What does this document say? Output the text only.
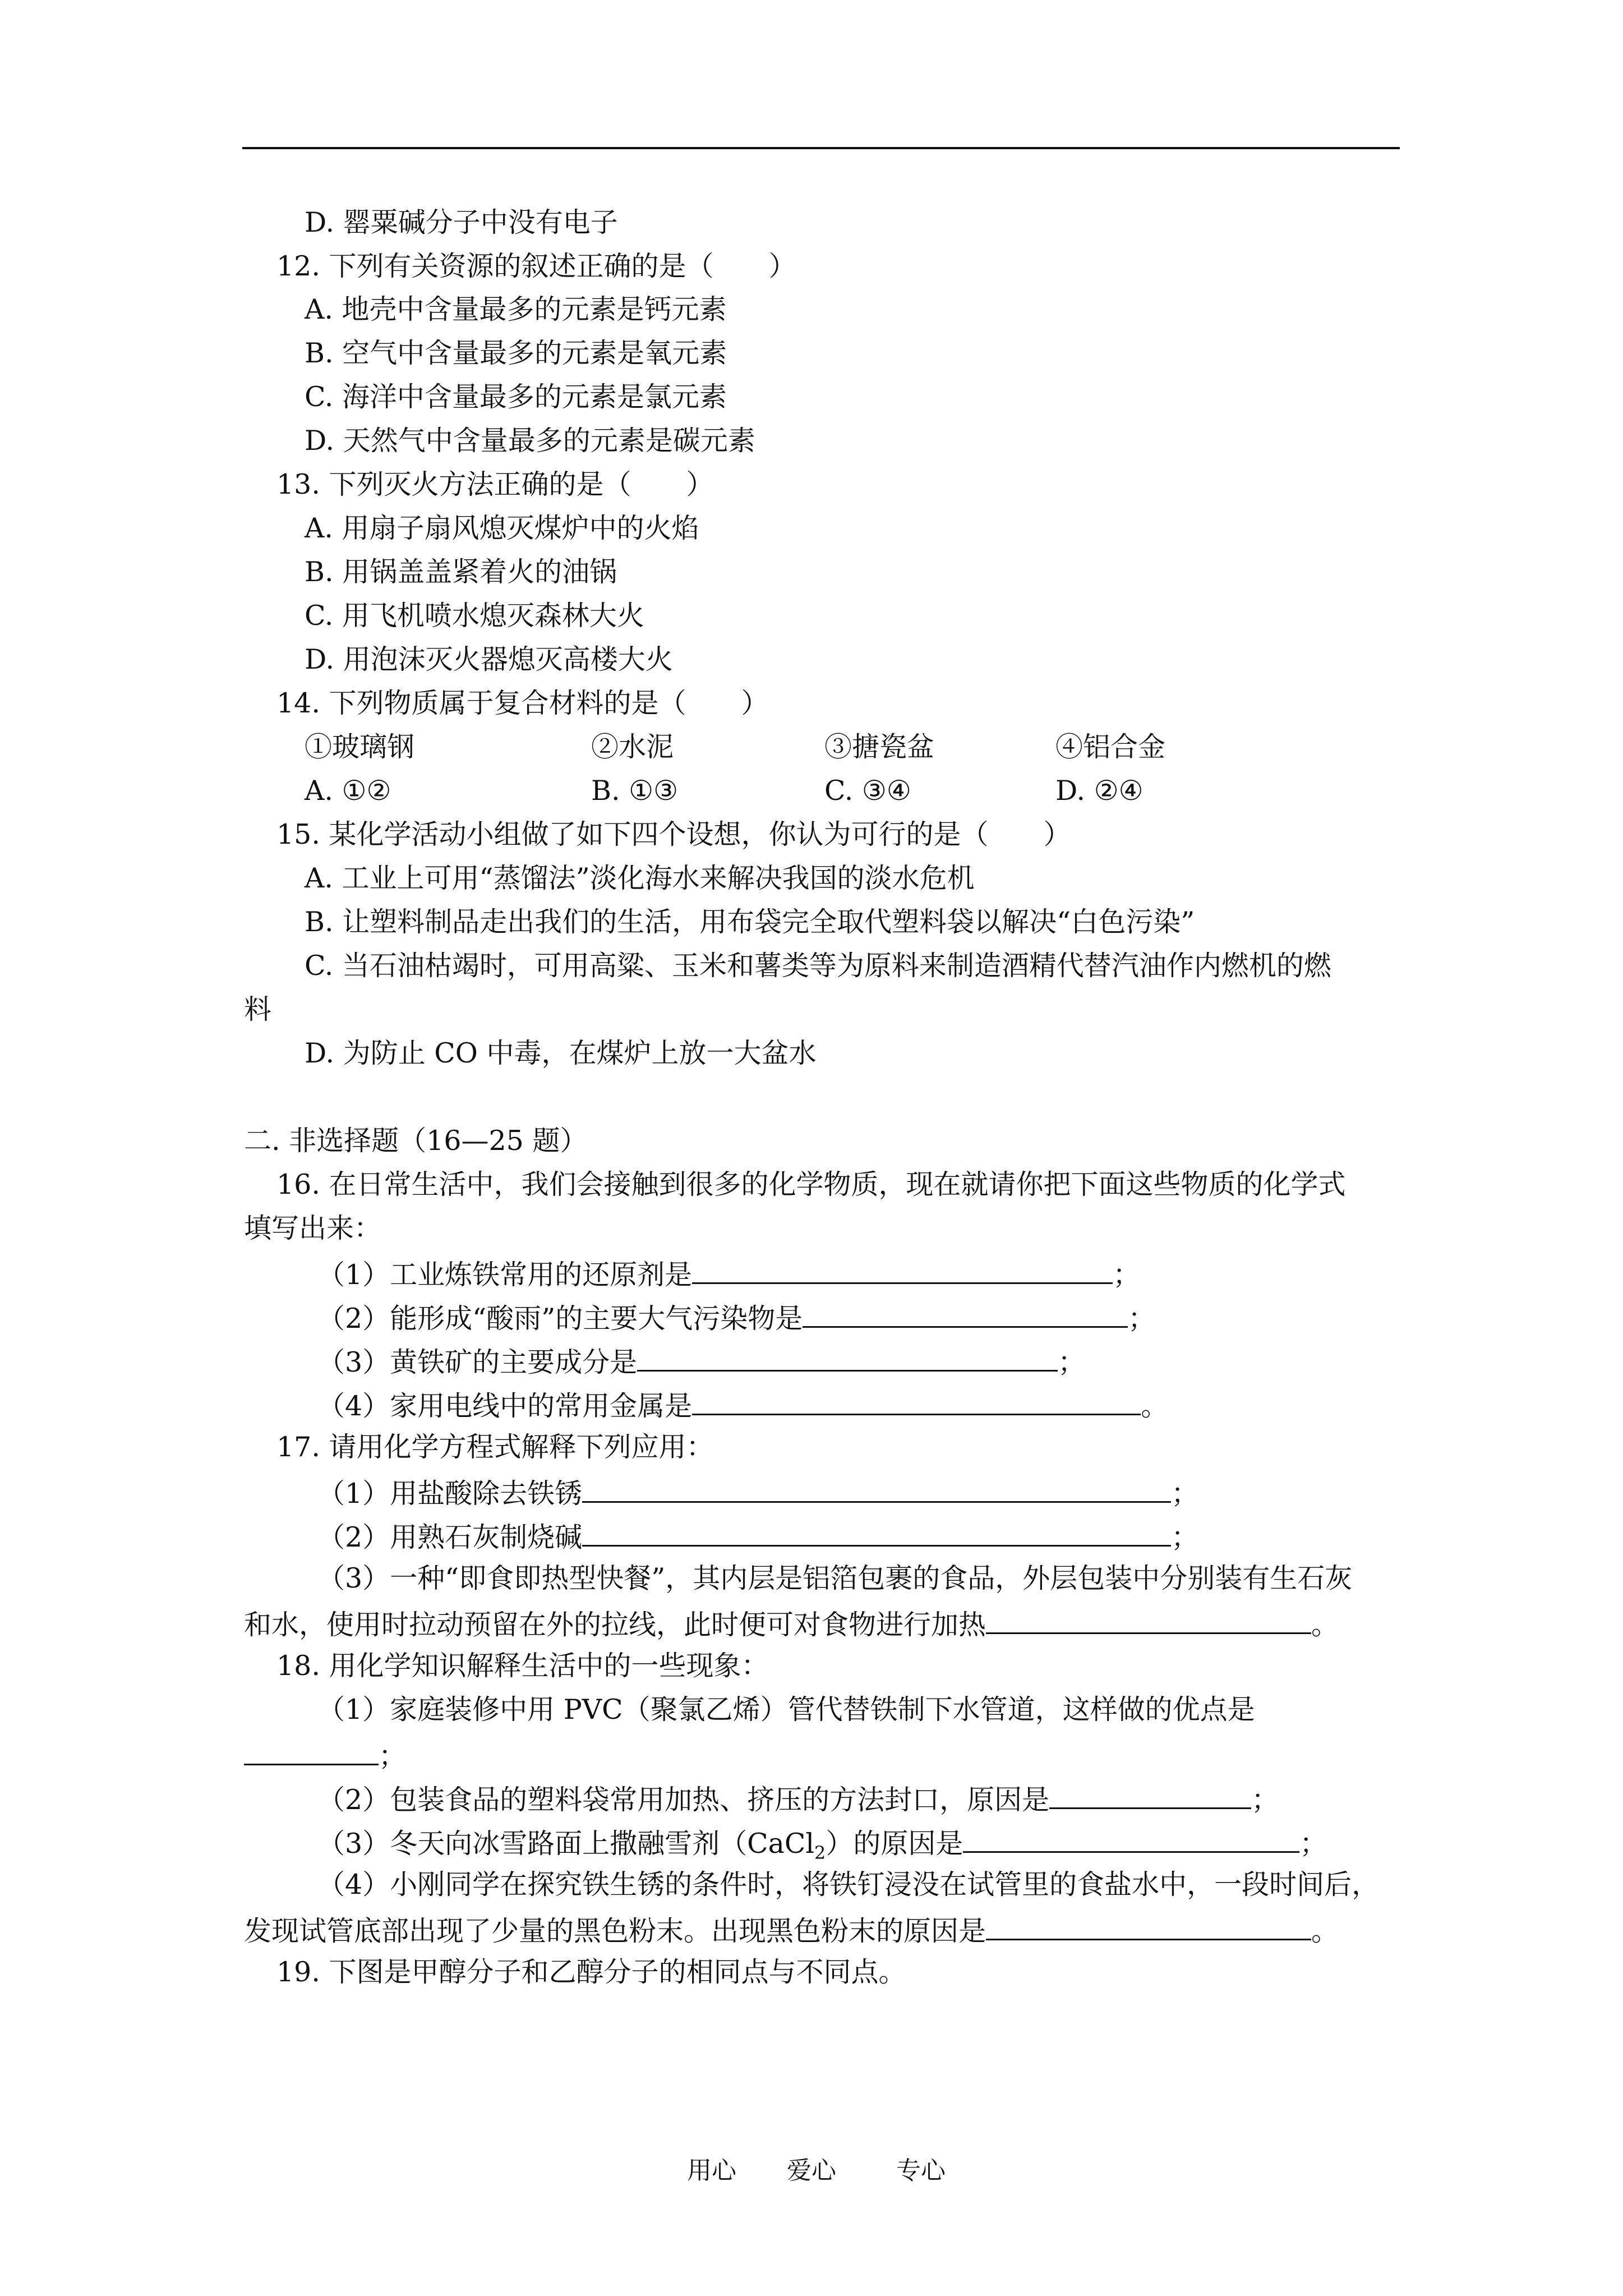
D. 罂粟碱分子中没有电子
12. 下列有关资源的叙述正确的是（　　）
A. 地壳中含量最多的元素是钙元素
B. 空气中含量最多的元素是氧元素
C. 海洋中含量最多的元素是氯元素
D. 天然气中含量最多的元素是碳元素
13. 下列灭火方法正确的是（　　）
A. 用扇子扇风熄灭煤炉中的火焰
B. 用锅盖盖紧着火的油锅
C. 用飞机喷水熄灭森林大火
D. 用泡沫灭火器熄灭高楼大火
14. 下列物质属于复合材料的是（　　）
①玻璃钢	②水泥	③搪瓷盆	④铝合金
A. ①②	B. ①③	C. ③④	D. ②④
15. 某化学活动小组做了如下四个设想，你认为可行的是（　　）
A. 工业上可用“蒸馏法”淡化海水来解决我国的淡水危机
B. 让塑料制品走出我们的生活，用布袋完全取代塑料袋以解决“白色污染”
C. 当石油枯竭时，可用高粱、玉米和薯类等为原料来制造酒精代替汽油作内燃机的燃
料
D. 为防止 CO 中毒，在煤炉上放一大盆水
二. 非选择题（16—25 题）
16. 在日常生活中，我们会接触到很多的化学物质，现在就请你把下面这些物质的化学式
填写出来：
（1）工业炼铁常用的还原剂是	；
（2）能形成“酸雨”的主要大气污染物是	；
（3）黄铁矿的主要成分是	；
（4）家用电线中的常用金属是	。
17. 请用化学方程式解释下列应用：
（1）用盐酸除去铁锈	；
（2）用熟石灰制烧碱	；
（3）一种“即食即热型快餐”，其内层是铝箔包裹的食品，外层包装中分别装有生石灰
和水，使用时拉动预留在外的拉线，此时便可对食物进行加热	。
18. 用化学知识解释生活中的一些现象：
（1）家庭装修中用 PVC（聚氯乙烯）管代替铁制下水管道，这样做的优点是
；
（2）包装食品的塑料袋常用加热、挤压的方法封口，原因是	；
（3）冬天向冰雪路面上撒融雪剂（CaCl$_2$）的原因是	；
（4）小刚同学在探究铁生锈的条件时，将铁钉浸没在试管里的食盐水中，一段时间后，
发现试管底部出现了少量的黑色粉末。出现黑色粉末的原因是	。
19. 下图是甲醇分子和乙醇分子的相同点与不同点。
用心 爱心 专心
